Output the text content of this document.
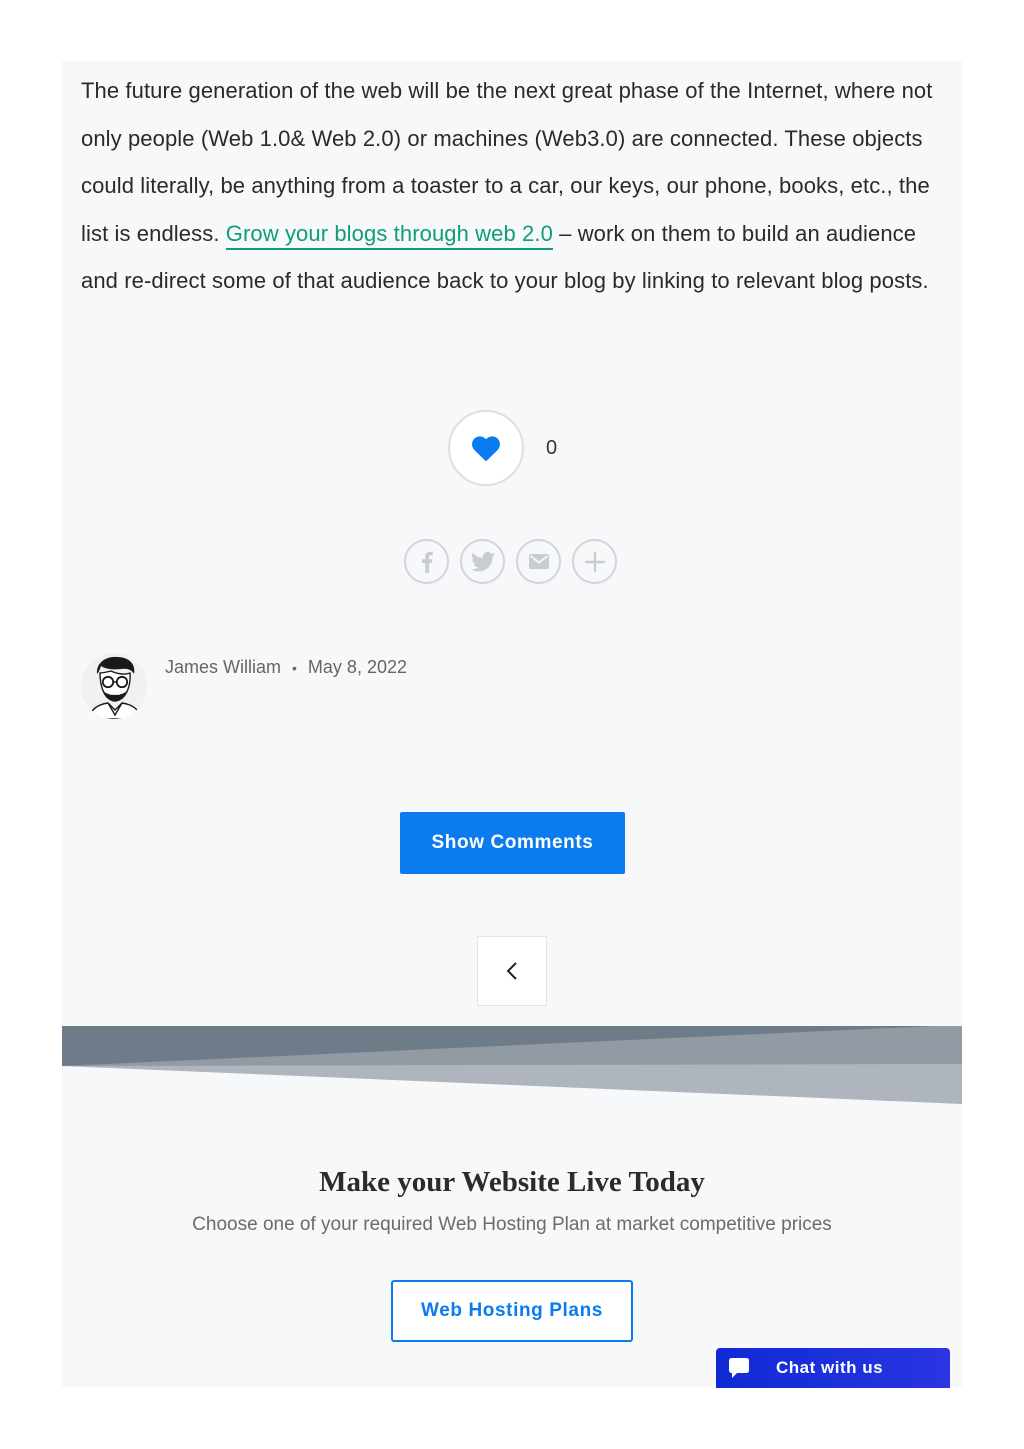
The future generation of the web will be the next great phase of the Internet, where not only people (Web 1.0& Web 2.0) or machines (Web3.0) are connected. These objects could literally, be anything from a toaster to a car, our keys, our phone, books, etc., the list is endless. Grow your blogs through web 2.0 – work on them to build an audience and re-direct some of that audience back to your blog by linking to relevant blog posts.

0
James William • May 8, 2022
Show Comments
Make your Website Live Today
Choose one of your required Web Hosting Plan at market competitive prices
Web Hosting Plans
Chat with us
